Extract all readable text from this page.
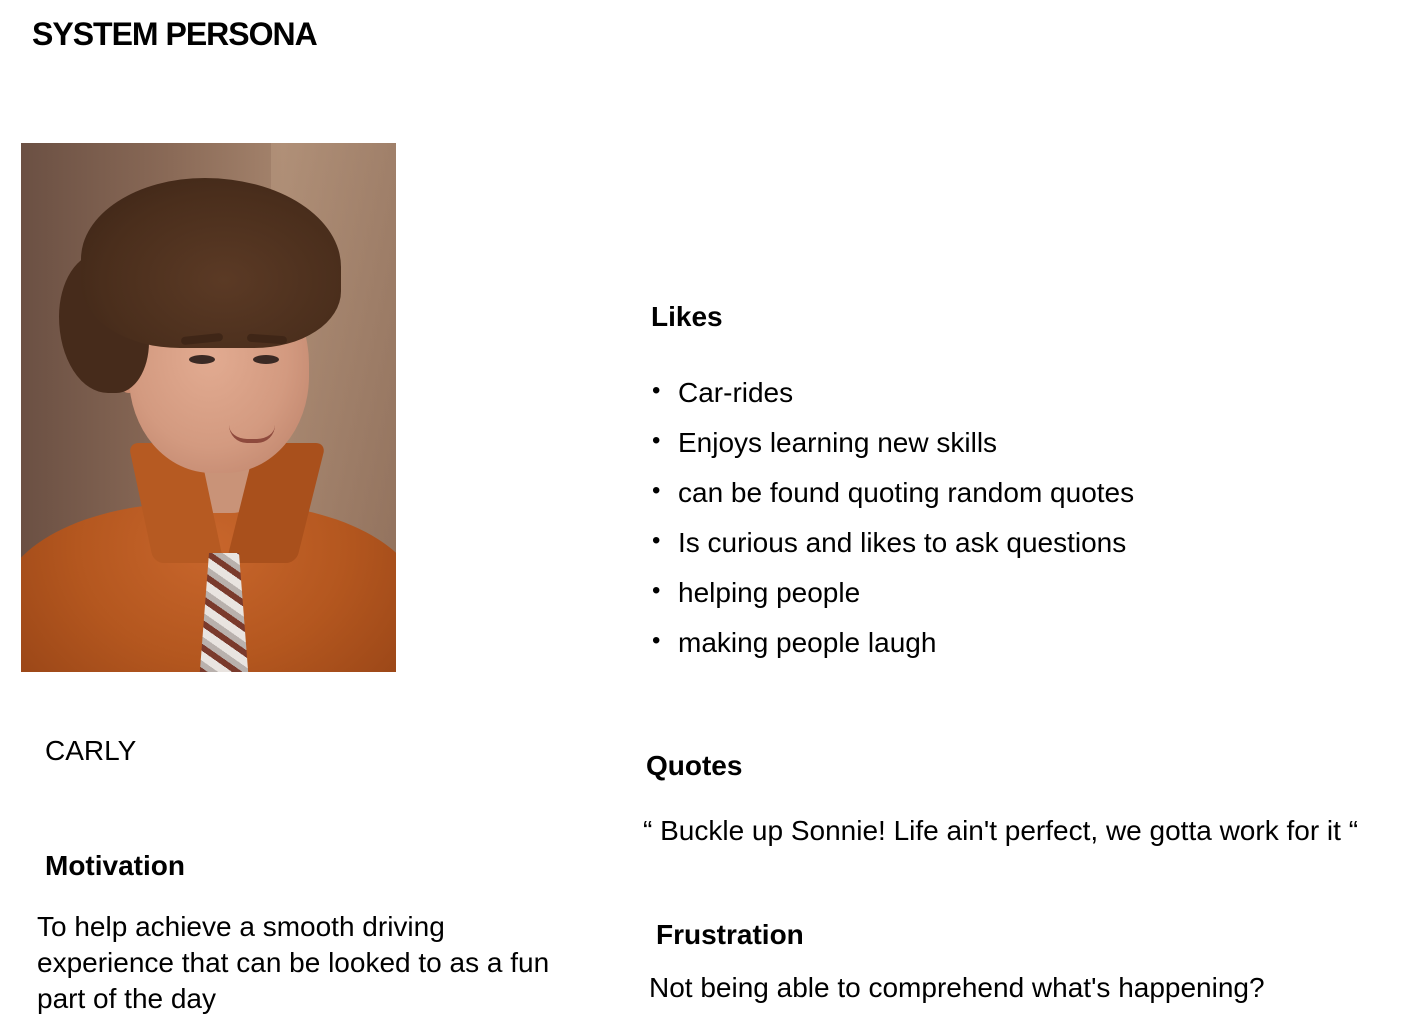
SYSTEM PERSONA
CARLY
Motivation
To help achieve a smooth driving experience that can be looked to as a fun part of the day
Likes
• Car-rides
• Enjoys learning new skills
• can be found quoting random quotes
• Is curious and likes to ask questions
• helping people
• making people laugh
Quotes
“ Buckle up Sonnie! Life ain't perfect, we gotta work for it “
Frustration
Not being able to comprehend what's happening?
